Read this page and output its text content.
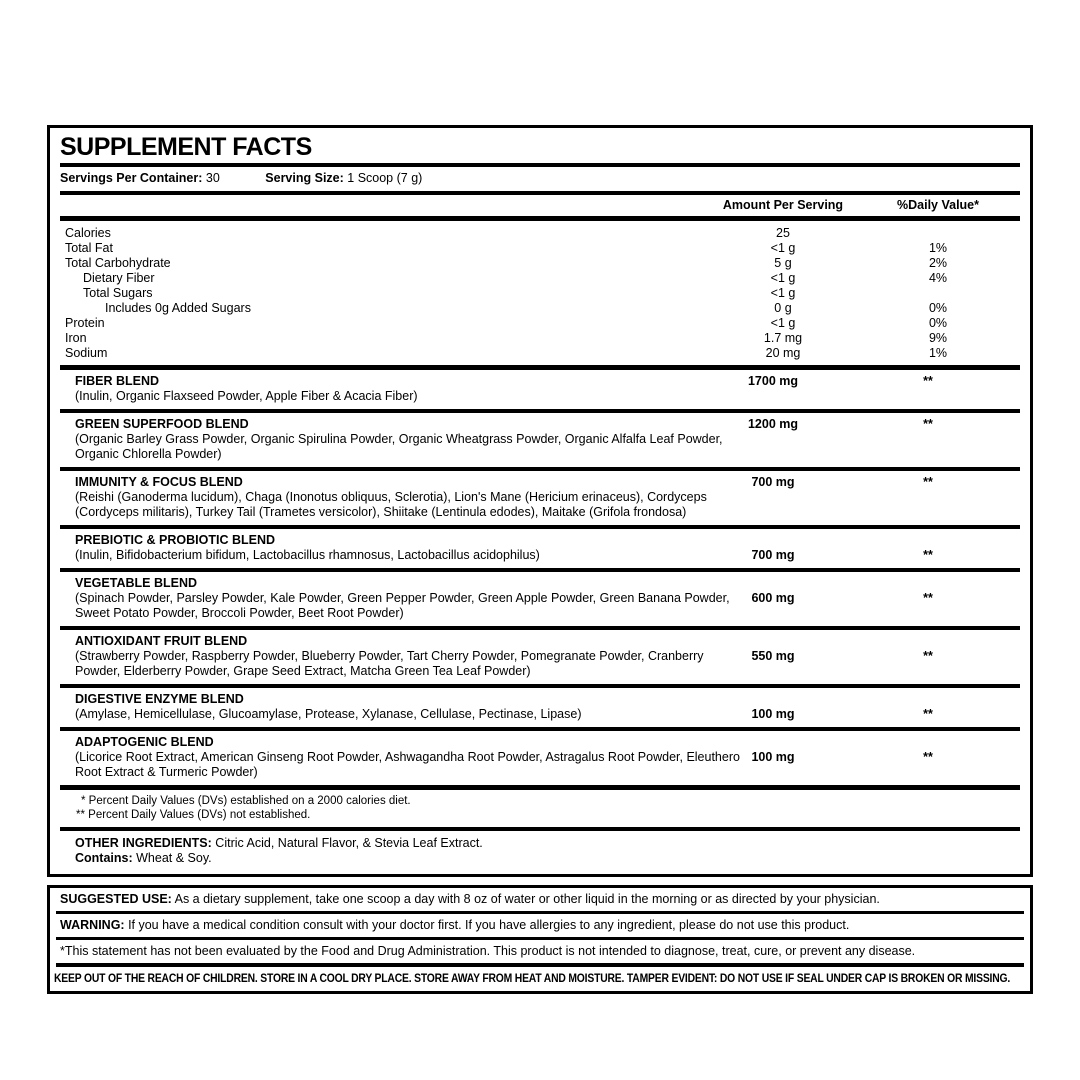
SUPPLEMENT FACTS
Servings Per Container: 30	Serving Size: 1 Scoop (7 g)
Amount Per Serving	%Daily Value*
Calories	25
Total Fat	<1 g	1%
Total Carbohydrate	5 g	2%
Dietary Fiber	<1 g	4%
Total Sugars	<1 g
Includes 0g Added Sugars	0 g	0%
Protein	<1 g	0%
Iron	1.7 mg	9%
Sodium	20 mg	1%
FIBER BLEND
(Inulin, Organic Flaxseed Powder, Apple Fiber & Acacia Fiber)
1700 mg	**
GREEN SUPERFOOD BLEND
(Organic Barley Grass Powder, Organic Spirulina Powder, Organic Wheatgrass Powder, Organic Alfalfa Leaf Powder, Organic Chlorella Powder)
1200 mg	**
IMMUNITY & FOCUS BLEND
(Reishi (Ganoderma lucidum), Chaga (Inonotus obliquus, Sclerotia), Lion's Mane (Hericium erinaceus), Cordyceps (Cordyceps militaris), Turkey Tail (Trametes versicolor), Shiitake (Lentinula edodes), Maitake (Grifola frondosa)
700 mg	**
PREBIOTIC & PROBIOTIC BLEND
(Inulin, Bifidobacterium bifidum, Lactobacillus rhamnosus, Lactobacillus acidophilus)	700 mg	**
VEGETABLE BLEND
(Spinach Powder, Parsley Powder, Kale Powder, Green Pepper Powder, Green Apple Powder, Green Banana Powder, Sweet Potato Powder, Broccoli Powder, Beet Root Powder)
600 mg	**
ANTIOXIDANT FRUIT BLEND
(Strawberry Powder, Raspberry Powder, Blueberry Powder, Tart Cherry Powder, Pomegranate Powder, Cranberry Powder, Elderberry Powder, Grape Seed Extract, Matcha Green Tea Leaf Powder)
550 mg	**
DIGESTIVE ENZYME BLEND
(Amylase, Hemicellulase, Glucoamylase, Protease, Xylanase, Cellulase, Pectinase, Lipase)	100 mg	**
ADAPTOGENIC BLEND
(Licorice Root Extract, American Ginseng Root Powder, Ashwagandha Root Powder, Astragalus Root Powder, Eleuthero Root Extract & Turmeric Powder)
100 mg	**
* Percent Daily Values (DVs) established on a 2000 calories diet.
** Percent Daily Values (DVs) not established.
OTHER INGREDIENTS: Citric Acid, Natural Flavor, & Stevia Leaf Extract.
Contains: Wheat & Soy.
SUGGESTED USE: As a dietary supplement, take one scoop a day with 8 oz of water or other liquid in the morning or as directed by your physician.
WARNING: If you have a medical condition consult with your doctor first. If you have allergies to any ingredient, please do not use this product.
*This statement has not been evaluated by the Food and Drug Administration. This product is not intended to diagnose, treat, cure, or prevent any disease.
KEEP OUT OF THE REACH OF CHILDREN. STORE IN A COOL DRY PLACE. STORE AWAY FROM HEAT AND MOISTURE. TAMPER EVIDENT: DO NOT USE IF SEAL UNDER CAP IS BROKEN OR MISSING.
